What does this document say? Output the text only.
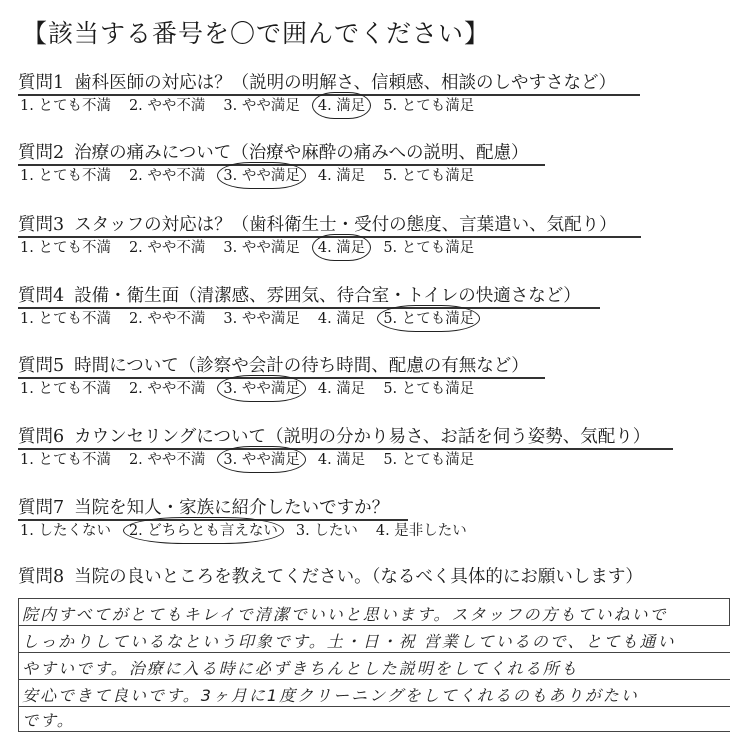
【該当する番号を〇で囲んでください】
質問1 歯科医師の対応は？（説明の明解さ、信頼感、相談のしやすさなど）
1. とても不満 2. やや不満 3. やや満足 4. 満足 5. とても満足
質問2 治療の痛みについて（治療や麻酔の痛みへの説明、配慮）
1. とても不満 2. やや不満 3. やや満足 4. 満足 5. とても満足
質問3 スタッフの対応は？（歯科衛生士・受付の態度、言葉遣い、気配り）
1. とても不満 2. やや不満 3. やや満足 4. 満足 5. とても満足
質問4 設備・衛生面（清潔感、雰囲気、待合室・トイレの快適さなど）
1. とても不満 2. やや不満 3. やや満足 4. 満足 5. とても満足
質問5 時間について（診察や会計の待ち時間、配慮の有無など）
1. とても不満 2. やや不満 3. やや満足 4. 満足 5. とても満足
質問6 カウンセリングについて（説明の分かり易さ、お話を伺う姿勢、気配り）
1. とても不満 2. やや不満 3. やや満足 4. 満足 5. とても満足
質問7 当院を知人・家族に紹介したいですか？
1. したくない 2. どちらとも言えない 3. したい 4. 是非したい
質問8 当院の良いところを教えてください。（なるべく具体的にお願いします）
院内すべてがとてもキレイで清潔でいいと思います。スタッフの方もていねいで
しっかりしているなという印象です。土・日・祝 営業しているので、とても通い
やすいです。治療に入る時に必ずきちんとした説明をしてくれる所も
安心できて良いです。3ヶ月に1度クリーニングをしてくれるのもありがたい
です。
